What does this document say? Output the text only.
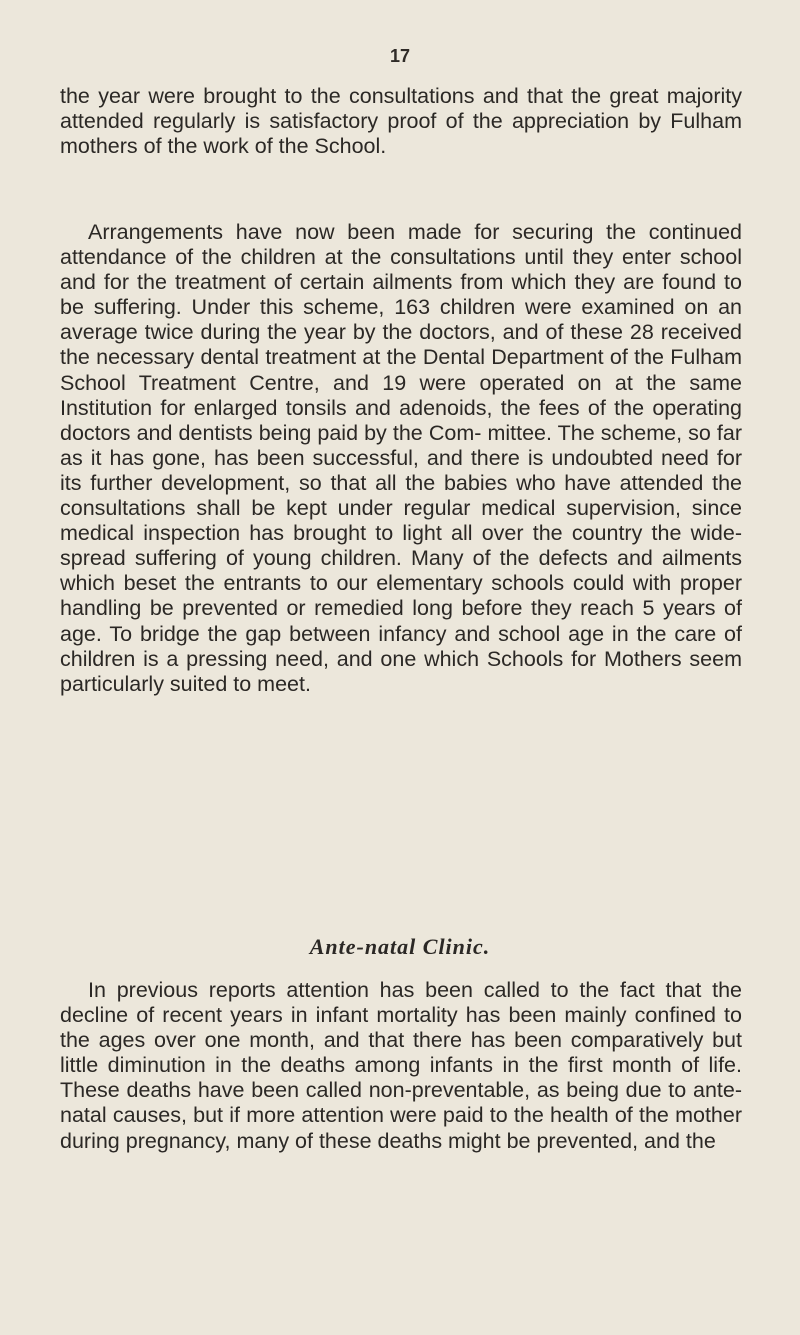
17

the year were brought to the consultations and that the great majority attended regularly is satisfactory proof of the appreciation by Fulham mothers of the work of the School.

Arrangements have now been made for securing the continued attendance of the children at the consultations until they enter school and for the treatment of certain ailments from which they are found to be suffering. Under this scheme, 163 children were examined on an average twice during the year by the doctors, and of these 28 received the necessary dental treatment at the Dental Department of the Fulham School Treatment Centre, and 19 were operated on at the same Institution for enlarged tonsils and adenoids, the fees of the operating doctors and dentists being paid by the Com- mittee. The scheme, so far as it has gone, has been successful, and there is undoubted need for its further development, so that all the babies who have attended the consultations shall be kept under regular medical supervision, since medical inspection has brought to light all over the country the wide-spread suffering of young children. Many of the defects and ailments which beset the entrants to our elementary schools could with proper handling be prevented or remedied long before they reach 5 years of age. To bridge the gap between infancy and school age in the care of children is a pressing need, and one which Schools for Mothers seem particularly suited to meet.

Ante-natal Clinic.

In previous reports attention has been called to the fact that the decline of recent years in infant mortality has been mainly confined to the ages over one month, and that there has been comparatively but little diminution in the deaths among infants in the first month of life. These deaths have been called non-preventable, as being due to ante-natal causes, but if more attention were paid to the health of the mother during pregnancy, many of these deaths might be prevented, and the
